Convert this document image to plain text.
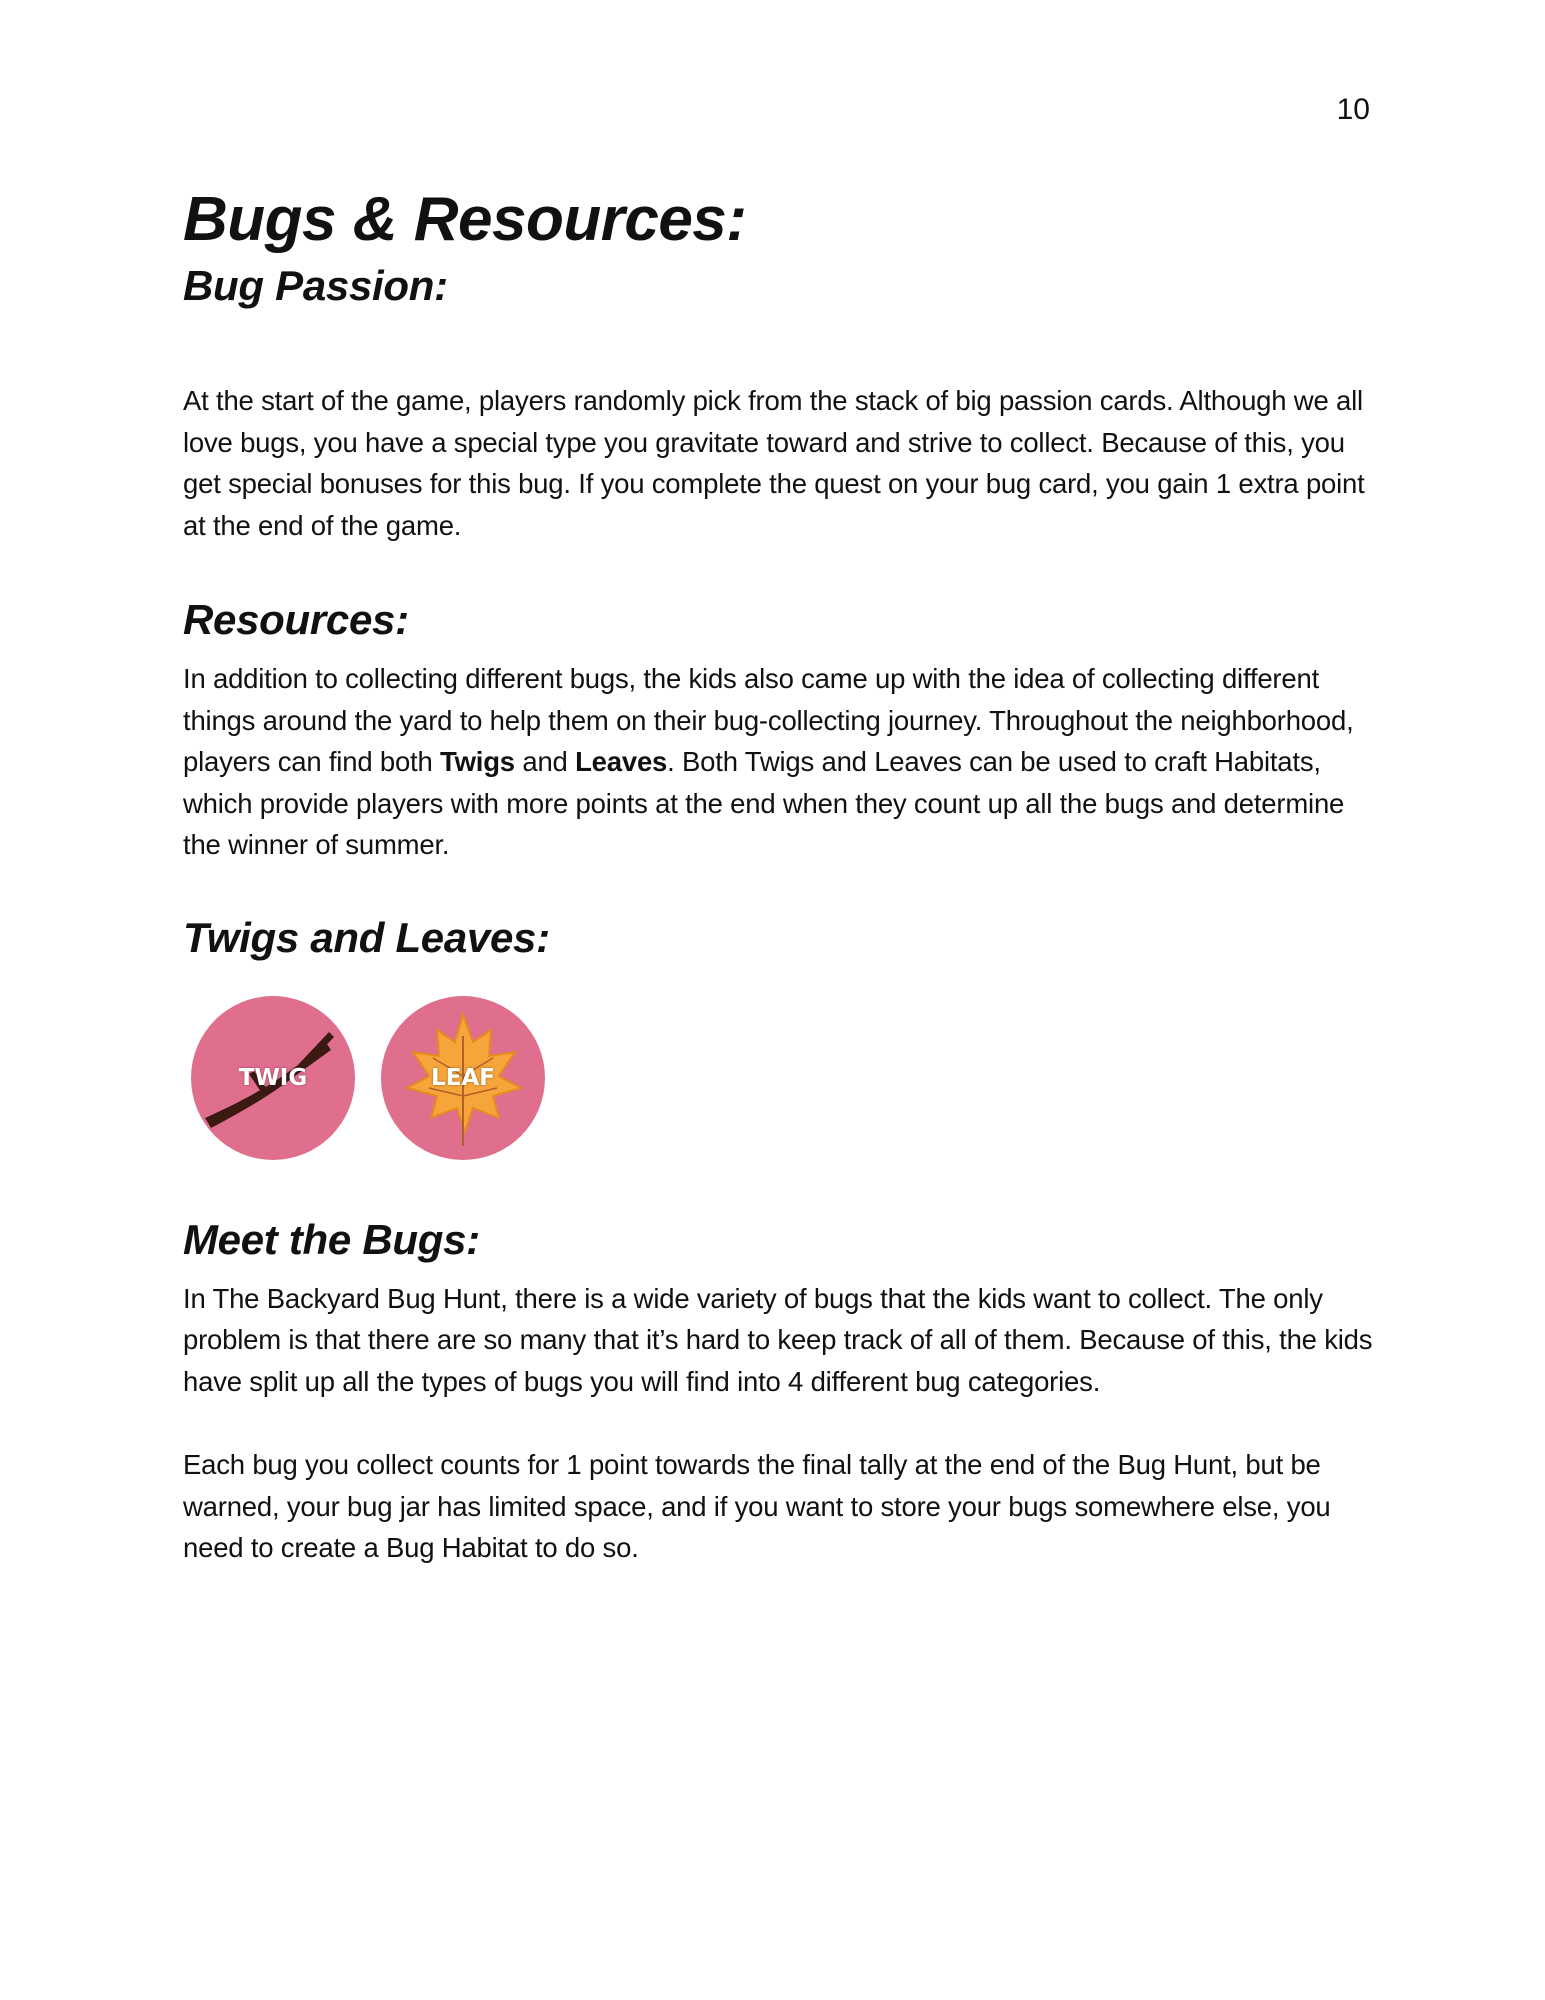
10
Bugs & Resources:
Bug Passion:

At the start of the game, players randomly pick from the stack of big passion cards. Although we all love bugs, you have a special type you gravitate toward and strive to collect. Because of this, you get special bonuses for this bug. If you complete the quest on your bug card, you gain 1 extra point at the end of the game.

Resources:

In addition to collecting different bugs, the kids also came up with the idea of collecting different things around the yard to help them on their bug-collecting journey. Throughout the neighborhood, players can find both Twigs and Leaves. Both Twigs and Leaves can be used to craft Habitats, which provide players with more points at the end when they count up all the bugs and determine the winner of summer.

Twigs and Leaves:
TWIG	LEAF
Meet the Bugs:

In The Backyard Bug Hunt, there is a wide variety of bugs that the kids want to collect. The only problem is that there are so many that it’s hard to keep track of all of them. Because of this, the kids have split up all the types of bugs you will find into 4 different bug categories.

Each bug you collect counts for 1 point towards the final tally at the end of the Bug Hunt, but be warned, your bug jar has limited space, and if you want to store your bugs somewhere else, you need to create a Bug Habitat to do so.
